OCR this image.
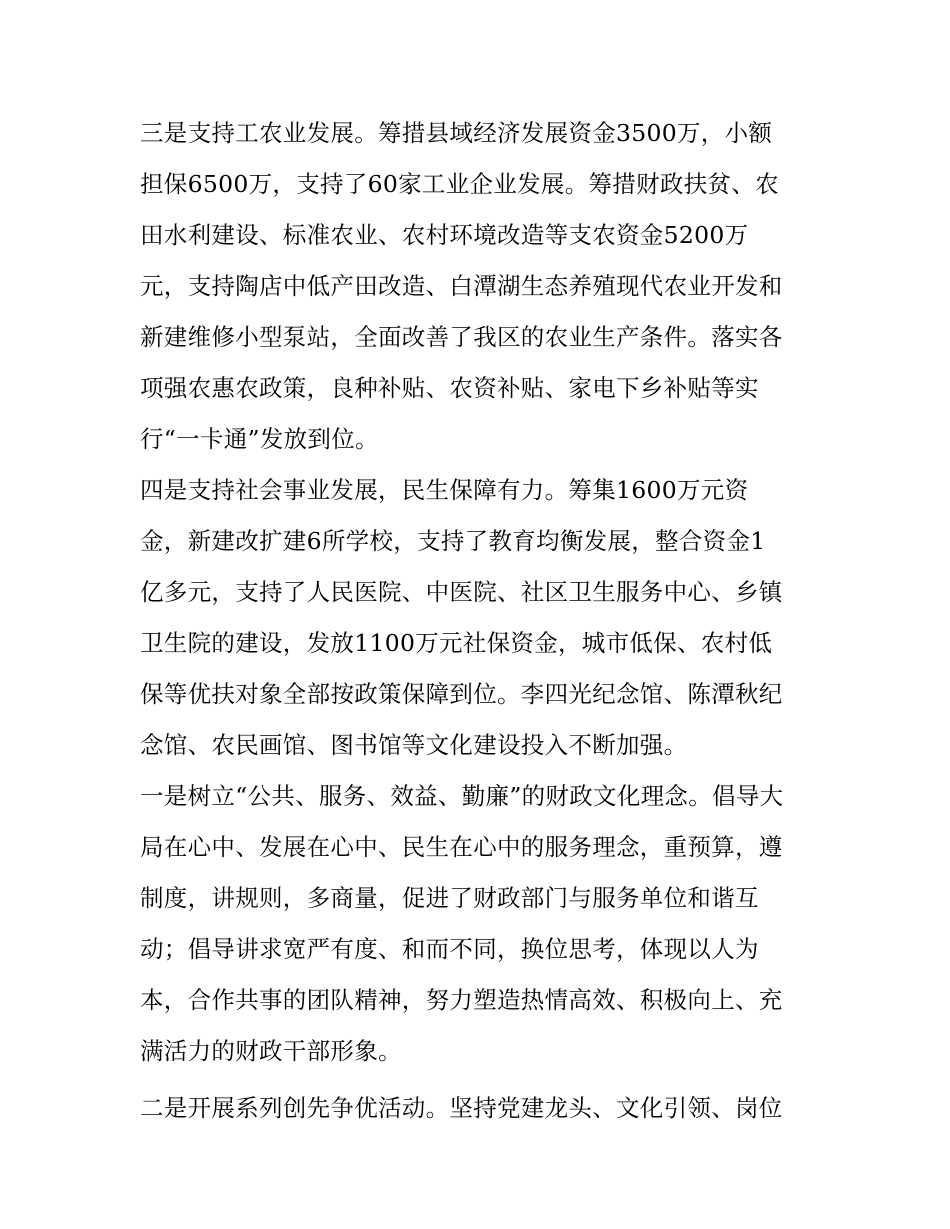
三是支持工农业发展。筹措县域经济发展资金3500万，小额
担保6500万，支持了60家工业企业发展。筹措财政扶贫、农
田水利建设、标准农业、农村环境改造等支农资金5200万
元，支持陶店中低产田改造、白潭湖生态养殖现代农业开发和
新建维修小型泵站，全面改善了我区的农业生产条件。落实各
项强农惠农政策，良种补贴、农资补贴、家电下乡补贴等实
行“一卡通”发放到位。
四是支持社会事业发展，民生保障有力。筹集1600万元资
金，新建改扩建6所学校，支持了教育均衡发展，整合资金1
亿多元，支持了人民医院、中医院、社区卫生服务中心、乡镇
卫生院的建设，发放1100万元社保资金，城市低保、农村低
保等优扶对象全部按政策保障到位。李四光纪念馆、陈潭秋纪
念馆、农民画馆、图书馆等文化建设投入不断加强。
一是树立“公共、服务、效益、勤廉”的财政文化理念。倡导大
局在心中、发展在心中、民生在心中的服务理念，重预算，遵
制度，讲规则，多商量，促进了财政部门与服务单位和谐互
动；倡导讲求宽严有度、和而不同，换位思考，体现以人为
本，合作共事的团队精神，努力塑造热情高效、积极向上、充
满活力的财政干部形象。
二是开展系列创先争优活动。坚持党建龙头、文化引领、岗位
